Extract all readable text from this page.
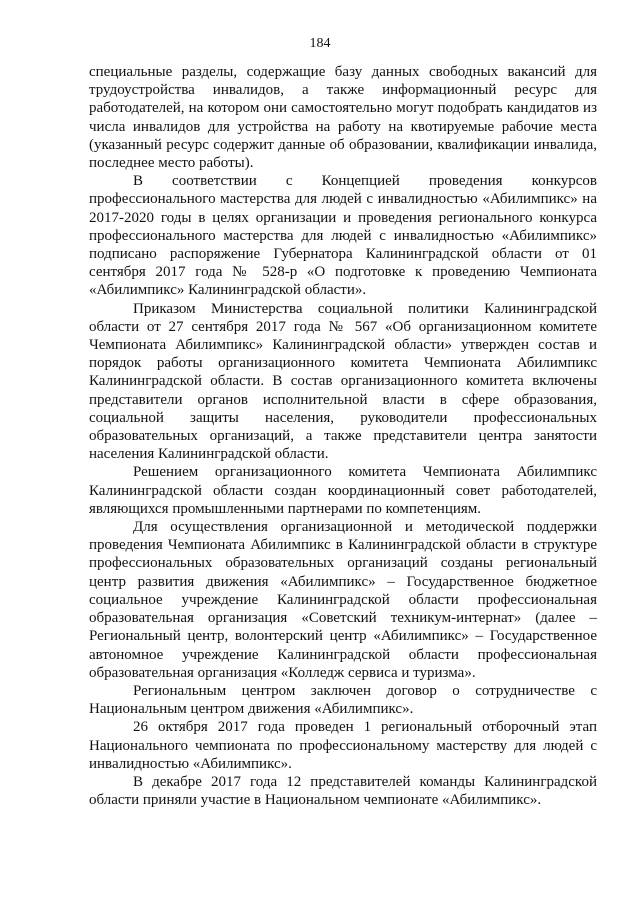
184

специальные разделы, содержащие базу данных свободных вакансий для трудоустройства инвалидов, а также информационный ресурс для работодателей, на котором они самостоятельно могут подобрать кандидатов из числа инвалидов для устройства на работу на квотируемые рабочие места (указанный ресурс содержит данные об образовании, квалификации инвалида, последнее место работы).

В соответствии с Концепцией проведения конкурсов профессионального мастерства для людей с инвалидностью «Абилимпикс» на 2017-2020 годы в целях организации и проведения регионального конкурса профессионального мастерства для людей с инвалидностью «Абилимпикс» подписано распоряжение Губернатора Калининградской области от 01 сентября 2017 года № 528-р «О подготовке к проведению Чемпионата «Абилимпикс» Калининградской области».

Приказом Министерства социальной политики Калининградской области от 27 сентября 2017 года № 567 «Об организационном комитете Чемпионата Абилимпикс» Калининградской области» утвержден состав и порядок работы организационного комитета Чемпионата Абилимпикс Калининградской области. В состав организационного комитета включены представители органов исполнительной власти в сфере образования, социальной защиты населения, руководители профессиональных образовательных организаций, а также представители центра занятости населения Калининградской области.

Решением организационного комитета Чемпионата Абилимпикс Калининградской области создан координационный совет работодателей, являющихся промышленными партнерами по компетенциям.

Для осуществления организационной и методической поддержки проведения Чемпионата Абилимпикс в Калининградской области в структуре профессиональных образовательных организаций созданы региональный центр развития движения «Абилимпикс» – Государственное бюджетное социальное учреждение Калининградской области профессиональная образовательная организация «Советский техникум-интернат» (далее – Региональный центр, волонтерский центр «Абилимпикс» – Государственное автономное учреждение Калининградской области профессиональная образовательная организация «Колледж сервиса и туризма».

Региональным центром заключен договор о сотрудничестве с Национальным центром движения «Абилимпикс».

26 октября 2017 года проведен 1 региональный отборочный этап Национального чемпионата по профессиональному мастерству для людей с инвалидностью «Абилимпикс».

В декабре 2017 года 12 представителей команды Калининградской области приняли участие в Национальном чемпионате «Абилимпикс».
